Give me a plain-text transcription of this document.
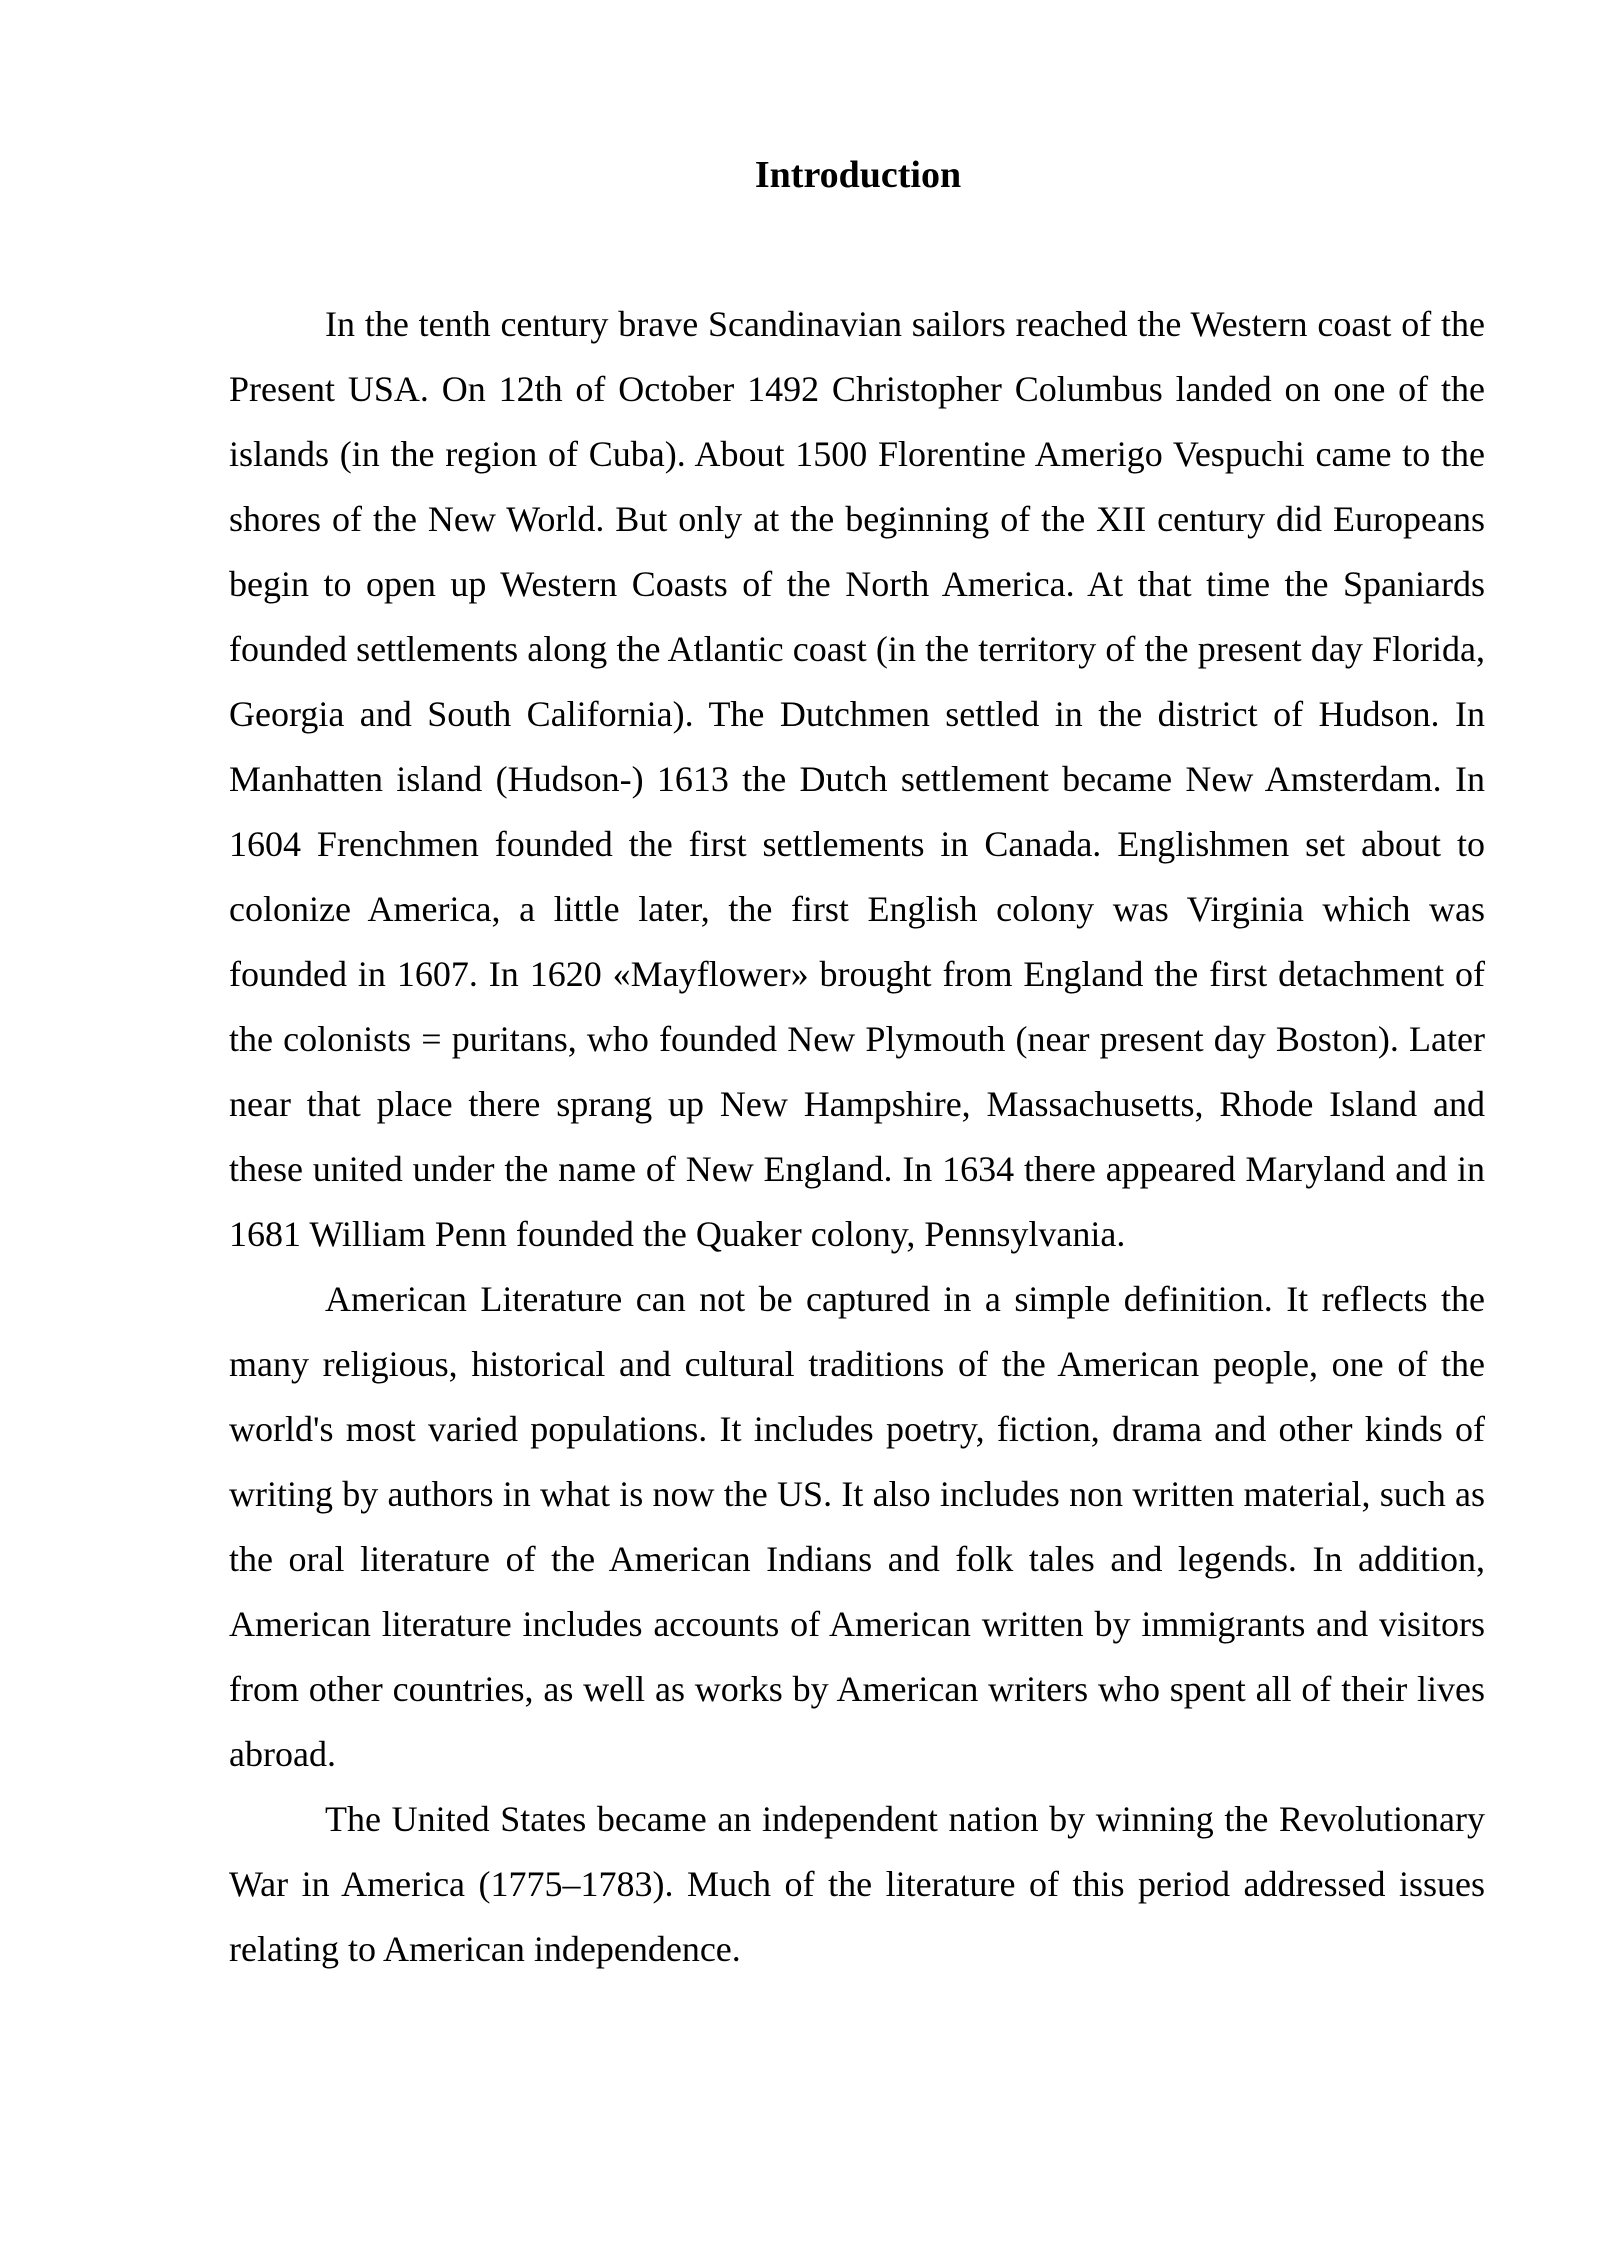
Introduction

In the tenth century brave Scandinavian sailors reached the Western coast of the Present USA. On 12th of October 1492 Christopher Columbus landed on one of the islands (in the region of Cuba). About 1500 Florentine Amerigo Vespuchi came to the shores of the New World. But only at the beginning of the XII century did Europeans begin to open up Western Coasts of the North America. At that time the Spaniards founded settlements along the Atlantic coast (in the territory of the present day Florida, Georgia and South California). The Dutchmen settled in the district of Hudson. In Manhatten island (Hudson-) 1613 the Dutch settlement became New Amsterdam. In 1604 Frenchmen founded the first settlements in Canada. Englishmen set about to colonize America, a little later, the first English colony was Virginia which was founded in 1607. In 1620 «Mayflower» brought from England the first detachment of the colonists = puritans, who founded New Plymouth (near present day Boston). Later near that place there sprang up New Hampshire, Massachusetts, Rhode Island and these united under the name of New England. In 1634 there appeared Maryland and in 1681 William Penn founded the Quaker colony, Pennsylvania.

American Literature can not be captured in a simple definition. It reflects the many religious, historical and cultural traditions of the American people, one of the world's most varied populations. It includes poetry, fiction, drama and other kinds of writing by authors in what is now the US. It also includes non written material, such as the oral literature of the American Indians and folk tales and legends. In addition, American literature includes accounts of American written by immigrants and visitors from other countries, as well as works by American writers who spent all of their lives abroad.

The United States became an independent nation by winning the Revolutionary War in America (1775–1783). Much of the literature of this period addressed issues relating to American independence.
